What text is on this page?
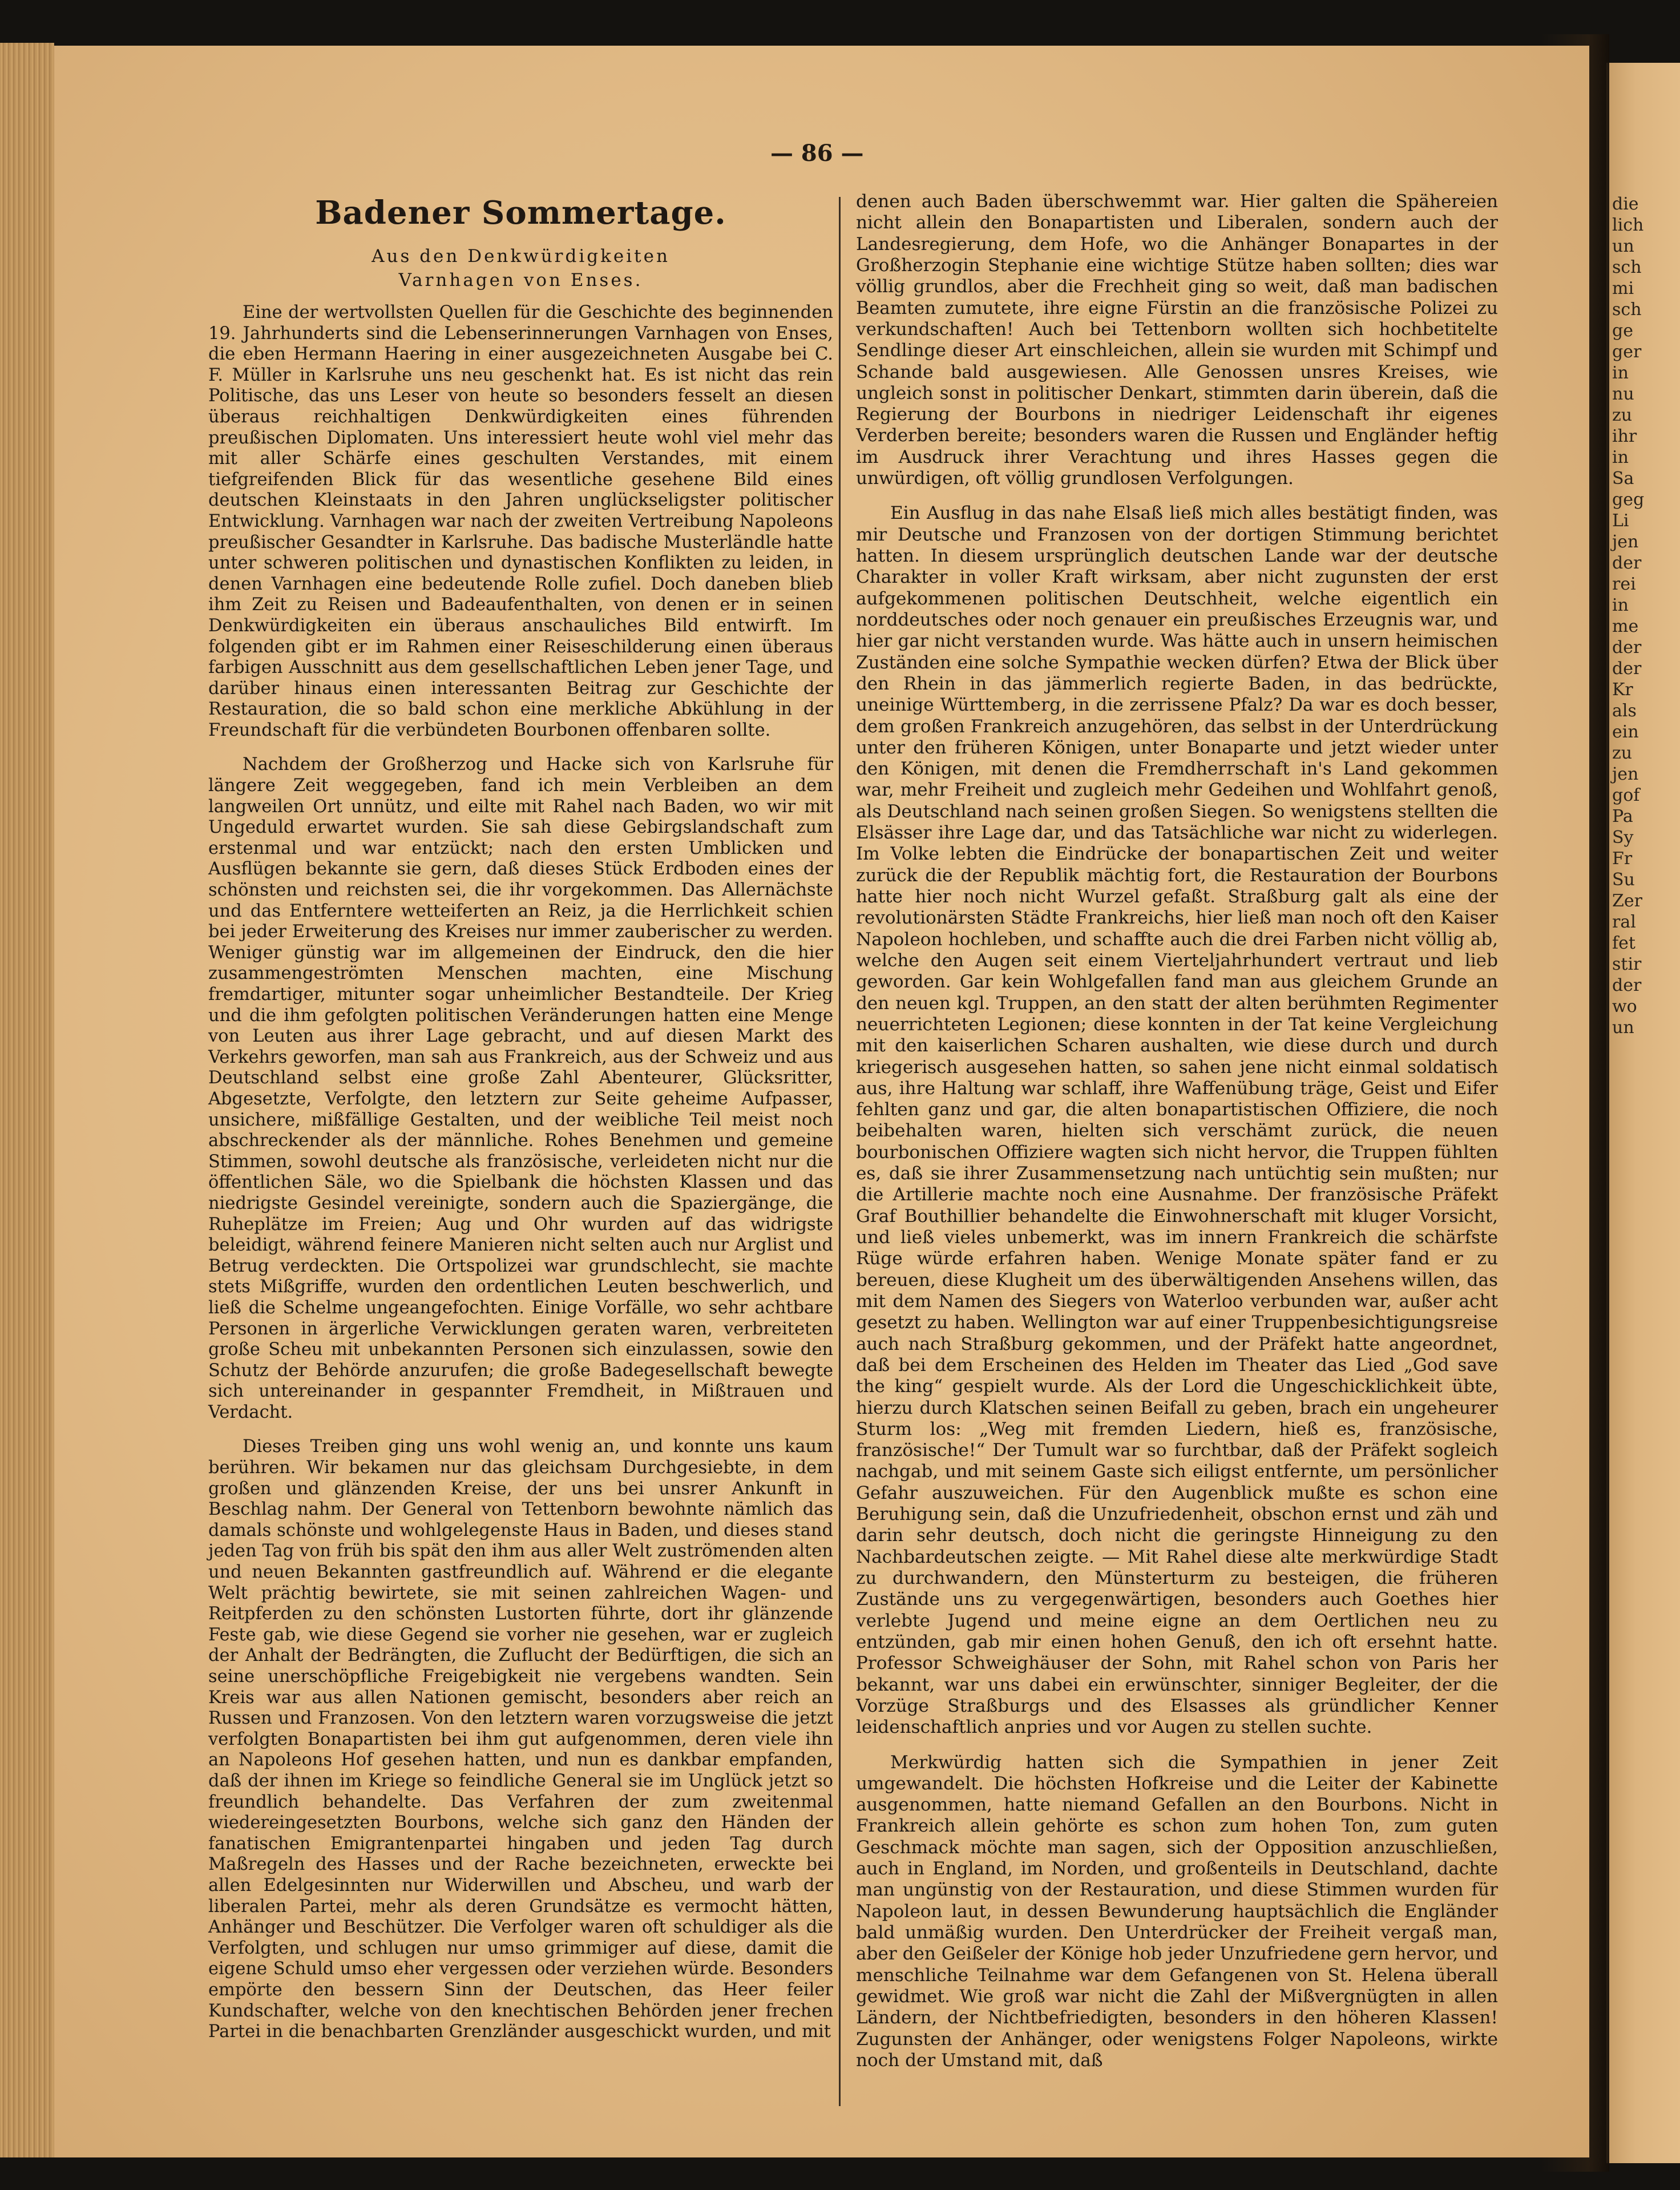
die
lich
un
sch
mi
sch
ge
ger
in
nu
zu
ihr
in
Sa
geg
Li
jen
der
rei
in
me
der
der
Kr
als
ein
zu
jen
gof
Pa
Sy
Fr
Su
Zer
ral
fet
stir
der
wo
un
— 86 —
Badener Sommertage.
Aus den Denkwürdigkeiten
Varnhagen von Enses.

Eine der wertvollsten Quellen für die Geschichte des beginnenden 19. Jahrhunderts sind die Lebenserinnerungen Varnhagen von Enses, die eben Hermann Haering in einer ausgezeichneten Ausgabe bei C. F. Müller in Karlsruhe uns neu geschenkt hat. Es ist nicht das rein Politische, das uns Leser von heute so besonders fesselt an diesen überaus reichhaltigen Denkwürdigkeiten eines führenden preußischen Diplomaten. Uns interessiert heute wohl viel mehr das mit aller Schärfe eines geschulten Verstandes, mit einem tiefgreifenden Blick für das wesentliche gesehene Bild eines deutschen Kleinstaats in den Jahren unglückseligster politischer Entwicklung. Varnhagen war nach der zweiten Vertreibung Napoleons preußischer Gesandter in Karlsruhe. Das badische Musterländle hatte unter schweren politischen und dynastischen Konflikten zu leiden, in denen Varnhagen eine bedeutende Rolle zufiel. Doch daneben blieb ihm Zeit zu Reisen und Badeaufenthalten, von denen er in seinen Denkwürdigkeiten ein überaus anschauliches Bild entwirft. Im folgenden gibt er im Rahmen einer Reiseschilderung einen überaus farbigen Ausschnitt aus dem gesellschaftlichen Leben jener Tage, und darüber hinaus einen interessanten Beitrag zur Geschichte der Restauration, die so bald schon eine merkliche Abkühlung in der Freundschaft für die verbündeten Bourbonen offenbaren sollte.

Nachdem der Großherzog und Hacke sich von Karlsruhe für längere Zeit weggegeben, fand ich mein Verbleiben an dem langweilen Ort unnütz, und eilte mit Rahel nach Baden, wo wir mit Ungeduld erwartet wurden. Sie sah diese Gebirgslandschaft zum erstenmal und war entzückt; nach den ersten Umblicken und Ausflügen bekannte sie gern, daß dieses Stück Erdboden eines der schönsten und reichsten sei, die ihr vorgekommen. Das Allernächste und das Entferntere wetteiferten an Reiz, ja die Herrlichkeit schien bei jeder Erweiterung des Kreises nur immer zauberischer zu werden. Weniger günstig war im allgemeinen der Eindruck, den die hier zusammengeströmten Menschen machten, eine Mischung fremdartiger, mitunter sogar unheimlicher Bestandteile. Der Krieg und die ihm gefolgten politischen Veränderungen hatten eine Menge von Leuten aus ihrer Lage gebracht, und auf diesen Markt des Verkehrs geworfen, man sah aus Frankreich, aus der Schweiz und aus Deutschland selbst eine große Zahl Abenteurer, Glücksritter, Abgesetzte, Verfolgte, den letztern zur Seite geheime Aufpasser, unsichere, mißfällige Gestalten, und der weibliche Teil meist noch abschreckender als der männliche. Rohes Benehmen und gemeine Stimmen, sowohl deutsche als französische, verleideten nicht nur die öffentlichen Säle, wo die Spielbank die höchsten Klassen und das niedrigste Gesindel vereinigte, sondern auch die Spaziergänge, die Ruheplätze im Freien; Aug und Ohr wurden auf das widrigste beleidigt, während feinere Manieren nicht selten auch nur Arglist und Betrug verdeckten. Die Ortspolizei war grundschlecht, sie machte stets Mißgriffe, wurden den ordentlichen Leuten beschwerlich, und ließ die Schelme ungeangefochten. Einige Vorfälle, wo sehr achtbare Personen in ärgerliche Verwicklungen geraten waren, verbreiteten große Scheu mit unbekannten Personen sich einzulassen, sowie den Schutz der Behörde anzurufen; die große Badegesellschaft bewegte sich untereinander in gespannter Fremdheit, in Mißtrauen und Verdacht.

Dieses Treiben ging uns wohl wenig an, und konnte uns kaum berühren. Wir bekamen nur das gleichsam Durchgesiebte, in dem großen und glänzenden Kreise, der uns bei unsrer Ankunft in Beschlag nahm. Der General von Tettenborn bewohnte nämlich das damals schönste und wohlgelegenste Haus in Baden, und dieses stand jeden Tag von früh bis spät den ihm aus aller Welt zuströmenden alten und neuen Bekannten gastfreundlich auf. Während er die elegante Welt prächtig bewirtete, sie mit seinen zahlreichen Wagen- und Reitpferden zu den schönsten Lustorten führte, dort ihr glänzende Feste gab, wie diese Gegend sie vorher nie gesehen, war er zugleich der Anhalt der Bedrängten, die Zuflucht der Bedürftigen, die sich an seine unerschöpfliche Freigebigkeit nie vergebens wandten. Sein Kreis war aus allen Nationen gemischt, besonders aber reich an Russen und Franzosen. Von den letztern waren vorzugsweise die jetzt verfolgten Bonapartisten bei ihm gut aufgenommen, deren viele ihn an Napoleons Hof gesehen hatten, und nun es dankbar empfanden, daß der ihnen im Kriege so feindliche General sie im Unglück jetzt so freundlich behandelte. Das Verfahren der zum zweitenmal wiedereingesetzten Bourbons, welche sich ganz den Händen der fanatischen Emigrantenpartei hingaben und jeden Tag durch Maßregeln des Hasses und der Rache bezeichneten, erweckte bei allen Edelgesinnten nur Widerwillen und Abscheu, und warb der liberalen Partei, mehr als deren Grundsätze es vermocht hätten, Anhänger und Beschützer. Die Verfolger waren oft schuldiger als die Verfolgten, und schlugen nur umso grimmiger auf diese, damit die eigene Schuld umso eher vergessen oder verziehen würde. Besonders empörte den bessern Sinn der Deutschen, das Heer feiler Kundschafter, welche von den knechtischen Behörden jener frechen Partei in die benachbarten Grenzländer ausgeschickt wurden, und mit

denen auch Baden überschwemmt war. Hier galten die Spähereien nicht allein den Bonapartisten und Liberalen, sondern auch der Landesregierung, dem Hofe, wo die Anhänger Bonapartes in der Großherzogin Stephanie eine wichtige Stütze haben sollten; dies war völlig grundlos, aber die Frechheit ging so weit, daß man badischen Beamten zumutete, ihre eigne Fürstin an die französische Polizei zu verkundschaften! Auch bei Tettenborn wollten sich hochbetitelte Sendlinge dieser Art einschleichen, allein sie wurden mit Schimpf und Schande bald ausgewiesen. Alle Genossen unsres Kreises, wie ungleich sonst in politischer Denkart, stimmten darin überein, daß die Regierung der Bourbons in niedriger Leidenschaft ihr eigenes Verderben bereite; besonders waren die Russen und Engländer heftig im Ausdruck ihrer Verachtung und ihres Hasses gegen die unwürdigen, oft völlig grundlosen Verfolgungen.

Ein Ausflug in das nahe Elsaß ließ mich alles bestätigt finden, was mir Deutsche und Franzosen von der dortigen Stimmung berichtet hatten. In diesem ursprünglich deutschen Lande war der deutsche Charakter in voller Kraft wirksam, aber nicht zugunsten der erst aufgekommenen politischen Deutschheit, welche eigentlich ein norddeutsches oder noch genauer ein preußisches Erzeugnis war, und hier gar nicht verstanden wurde. Was hätte auch in unsern heimischen Zuständen eine solche Sympathie wecken dürfen? Etwa der Blick über den Rhein in das jämmerlich regierte Baden, in das bedrückte, uneinige Württemberg, in die zerrissene Pfalz? Da war es doch besser, dem großen Frankreich anzugehören, das selbst in der Unterdrückung unter den früheren Königen, unter Bonaparte und jetzt wieder unter den Königen, mit denen die Fremdherrschaft in's Land gekommen war, mehr Freiheit und zugleich mehr Gedeihen und Wohlfahrt genoß, als Deutschland nach seinen großen Siegen. So wenigstens stellten die Elsässer ihre Lage dar, und das Tatsächliche war nicht zu widerlegen. Im Volke lebten die Eindrücke der bonapartischen Zeit und weiter zurück die der Republik mächtig fort, die Restauration der Bourbons hatte hier noch nicht Wurzel gefaßt. Straßburg galt als eine der revolutionärsten Städte Frankreichs, hier ließ man noch oft den Kaiser Napoleon hochleben, und schaffte auch die drei Farben nicht völlig ab, welche den Augen seit einem Vierteljahrhundert vertraut und lieb geworden. Gar kein Wohlgefallen fand man aus gleichem Grunde an den neuen kgl. Truppen, an den statt der alten berühmten Regimenter neuerrichteten Legionen; diese konnten in der Tat keine Vergleichung mit den kaiserlichen Scharen aushalten, wie diese durch und durch kriegerisch ausgesehen hatten, so sahen jene nicht einmal soldatisch aus, ihre Haltung war schlaff, ihre Waffenübung träge, Geist und Eifer fehlten ganz und gar, die alten bonapartistischen Offiziere, die noch beibehalten waren, hielten sich verschämt zurück, die neuen bourbonischen Offiziere wagten sich nicht hervor, die Truppen fühlten es, daß sie ihrer Zusammensetzung nach untüchtig sein mußten; nur die Artillerie machte noch eine Ausnahme. Der französische Präfekt Graf Bouthillier behandelte die Einwohnerschaft mit kluger Vorsicht, und ließ vieles unbemerkt, was im innern Frankreich die schärfste Rüge würde erfahren haben. Wenige Monate später fand er zu bereuen, diese Klugheit um des überwältigenden Ansehens willen, das mit dem Namen des Siegers von Waterloo verbunden war, außer acht gesetzt zu haben. Wellington war auf einer Truppenbesichtigungsreise auch nach Straßburg gekommen, und der Präfekt hatte angeordnet, daß bei dem Erscheinen des Helden im Theater das Lied „God save the king“ gespielt wurde. Als der Lord die Ungeschicklichkeit übte, hierzu durch Klatschen seinen Beifall zu geben, brach ein ungeheurer Sturm los: „Weg mit fremden Liedern, hieß es, französische, französische!“ Der Tumult war so furchtbar, daß der Präfekt sogleich nachgab, und mit seinem Gaste sich eiligst entfernte, um persönlicher Gefahr auszuweichen. Für den Augenblick mußte es schon eine Beruhigung sein, daß die Unzufriedenheit, obschon ernst und zäh und darin sehr deutsch, doch nicht die geringste Hinneigung zu den Nachbardeutschen zeigte. — Mit Rahel diese alte merkwürdige Stadt zu durchwandern, den Münsterturm zu besteigen, die früheren Zustände uns zu vergegenwärtigen, besonders auch Goethes hier verlebte Jugend und meine eigne an dem Oertlichen neu zu entzünden, gab mir einen hohen Genuß, den ich oft ersehnt hatte. Professor Schweighäuser der Sohn, mit Rahel schon von Paris her bekannt, war uns dabei ein erwünschter, sinniger Begleiter, der die Vorzüge Straßburgs und des Elsasses als gründlicher Kenner leidenschaftlich anpries und vor Augen zu stellen suchte.

Merkwürdig hatten sich die Sympathien in jener Zeit umgewandelt. Die höchsten Hofkreise und die Leiter der Kabinette ausgenommen, hatte niemand Gefallen an den Bourbons. Nicht in Frankreich allein gehörte es schon zum hohen Ton, zum guten Geschmack möchte man sagen, sich der Opposition anzuschließen, auch in England, im Norden, und großenteils in Deutschland, dachte man ungünstig von der Restauration, und diese Stimmen wurden für Napoleon laut, in dessen Bewunderung hauptsächlich die Engländer bald unmäßig wurden. Den Unterdrücker der Freiheit vergaß man, aber den Geißeler der Könige hob jeder Unzufriedene gern hervor, und menschliche Teilnahme war dem Gefangenen von St. Helena überall gewidmet. Wie groß war nicht die Zahl der Mißvergnügten in allen Ländern, der Nichtbefriedigten, besonders in den höheren Klassen! Zugunsten der Anhänger, oder wenigstens Folger Napoleons, wirkte noch der Umstand mit, daß
